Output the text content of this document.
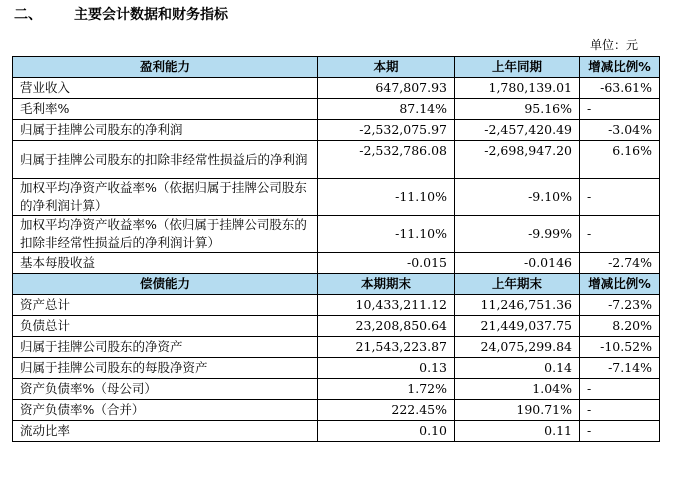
二、 主要会计数据和财务指标
单位：元
盈利能力	本期	上年同期	增减比例%
营业收入	647,807.93	1,780,139.01	-63.61%
毛利率%	87.14%	95.16%	-
归属于挂牌公司股东的净利润	-2,532,075.97	-2,457,420.49	-3.04%
归属于挂牌公司股东的扣除非经常性损益后的净利润	-2,532,786.08	-2,698,947.20	6.16%
加权平均净资产收益率%（依据归属于挂牌公司股东的净利润计算）	-11.10%	-9.10%	-
加权平均净资产收益率%（依归属于挂牌公司股东的扣除非经常性损益后的净利润计算）	-11.10%	-9.99%	-
基本每股收益	-0.015	-0.0146	-2.74%
偿债能力	本期期末	上年期末	增减比例%
资产总计	10,433,211.12	11,246,751.36	-7.23%
负债总计	23,208,850.64	21,449,037.75	8.20%
归属于挂牌公司股东的净资产	21,543,223.87	24,075,299.84	-10.52%
归属于挂牌公司股东的每股净资产	0.13	0.14	-7.14%
资产负债率%（母公司）	1.72%	1.04%	-
资产负债率%（合并）	222.45%	190.71%	-
流动比率	0.10	0.11	-
